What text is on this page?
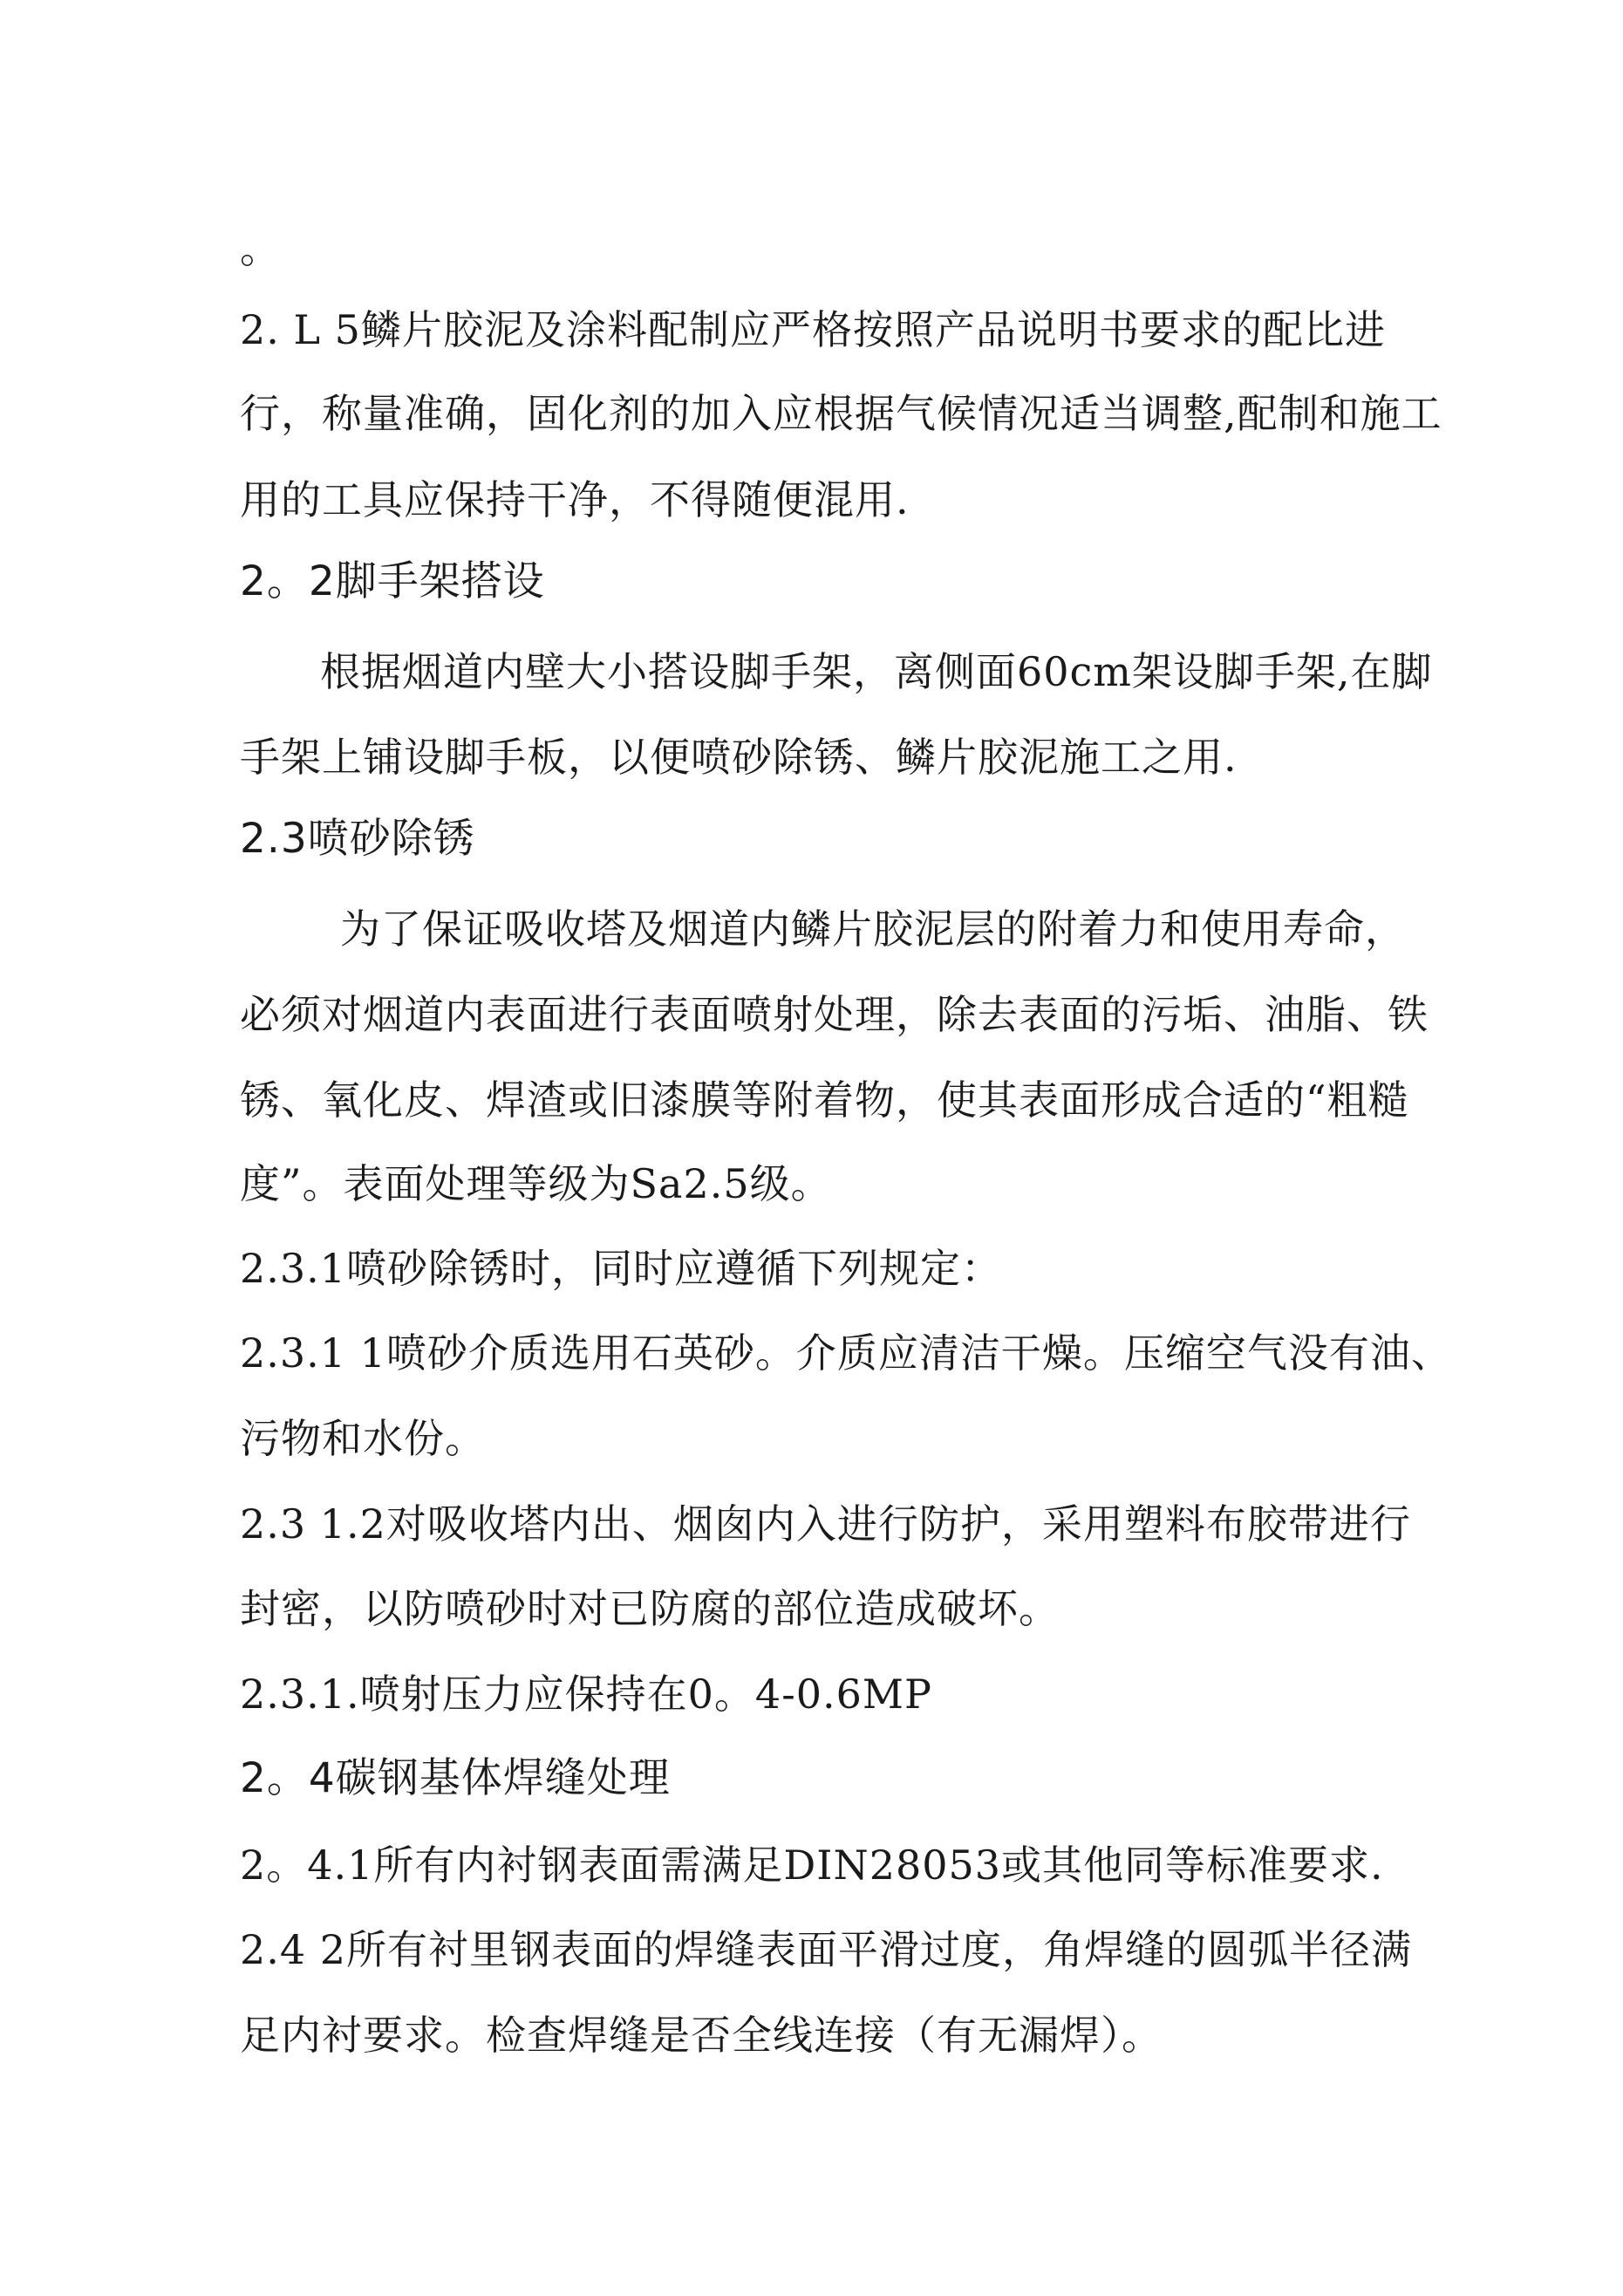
。
2. L 5鳞片胶泥及涂料配制应严格按照产品说明书要求的配比进
行，称量准确，固化剂的加入应根据气候情况适当调整,配制和施工
用的工具应保持干净，不得随便混用.
2。2脚手架搭设
根据烟道内壁大小搭设脚手架，离侧面60cm架设脚手架,在脚
手架上铺设脚手板，以便喷砂除锈、鳞片胶泥施工之用.
2.3喷砂除锈
为了保证吸收塔及烟道内鳞片胶泥层的附着力和使用寿命，
必须对烟道内表面进行表面喷射处理，除去表面的污垢、油脂、铁
锈、氧化皮、焊渣或旧漆膜等附着物，使其表面形成合适的“粗糙
度”。表面处理等级为Sa2.5级。
2.3.1喷砂除锈时，同时应遵循下列规定：
2.3.1 1喷砂介质选用石英砂。介质应清洁干燥。压缩空气没有油、
污物和水份。
2.3 1.2对吸收塔内出、烟囱内入进行防护，采用塑料布胶带进行
封密，以防喷砂时对已防腐的部位造成破坏。
2.3.1.喷射压力应保持在0。4-0.6MP
2。4碳钢基体焊缝处理
2。4.1所有内衬钢表面需满足DIN28053或其他同等标准要求.
2.4 2所有衬里钢表面的焊缝表面平滑过度，角焊缝的圆弧半径满
足内衬要求。检查焊缝是否全线连接（有无漏焊）。
